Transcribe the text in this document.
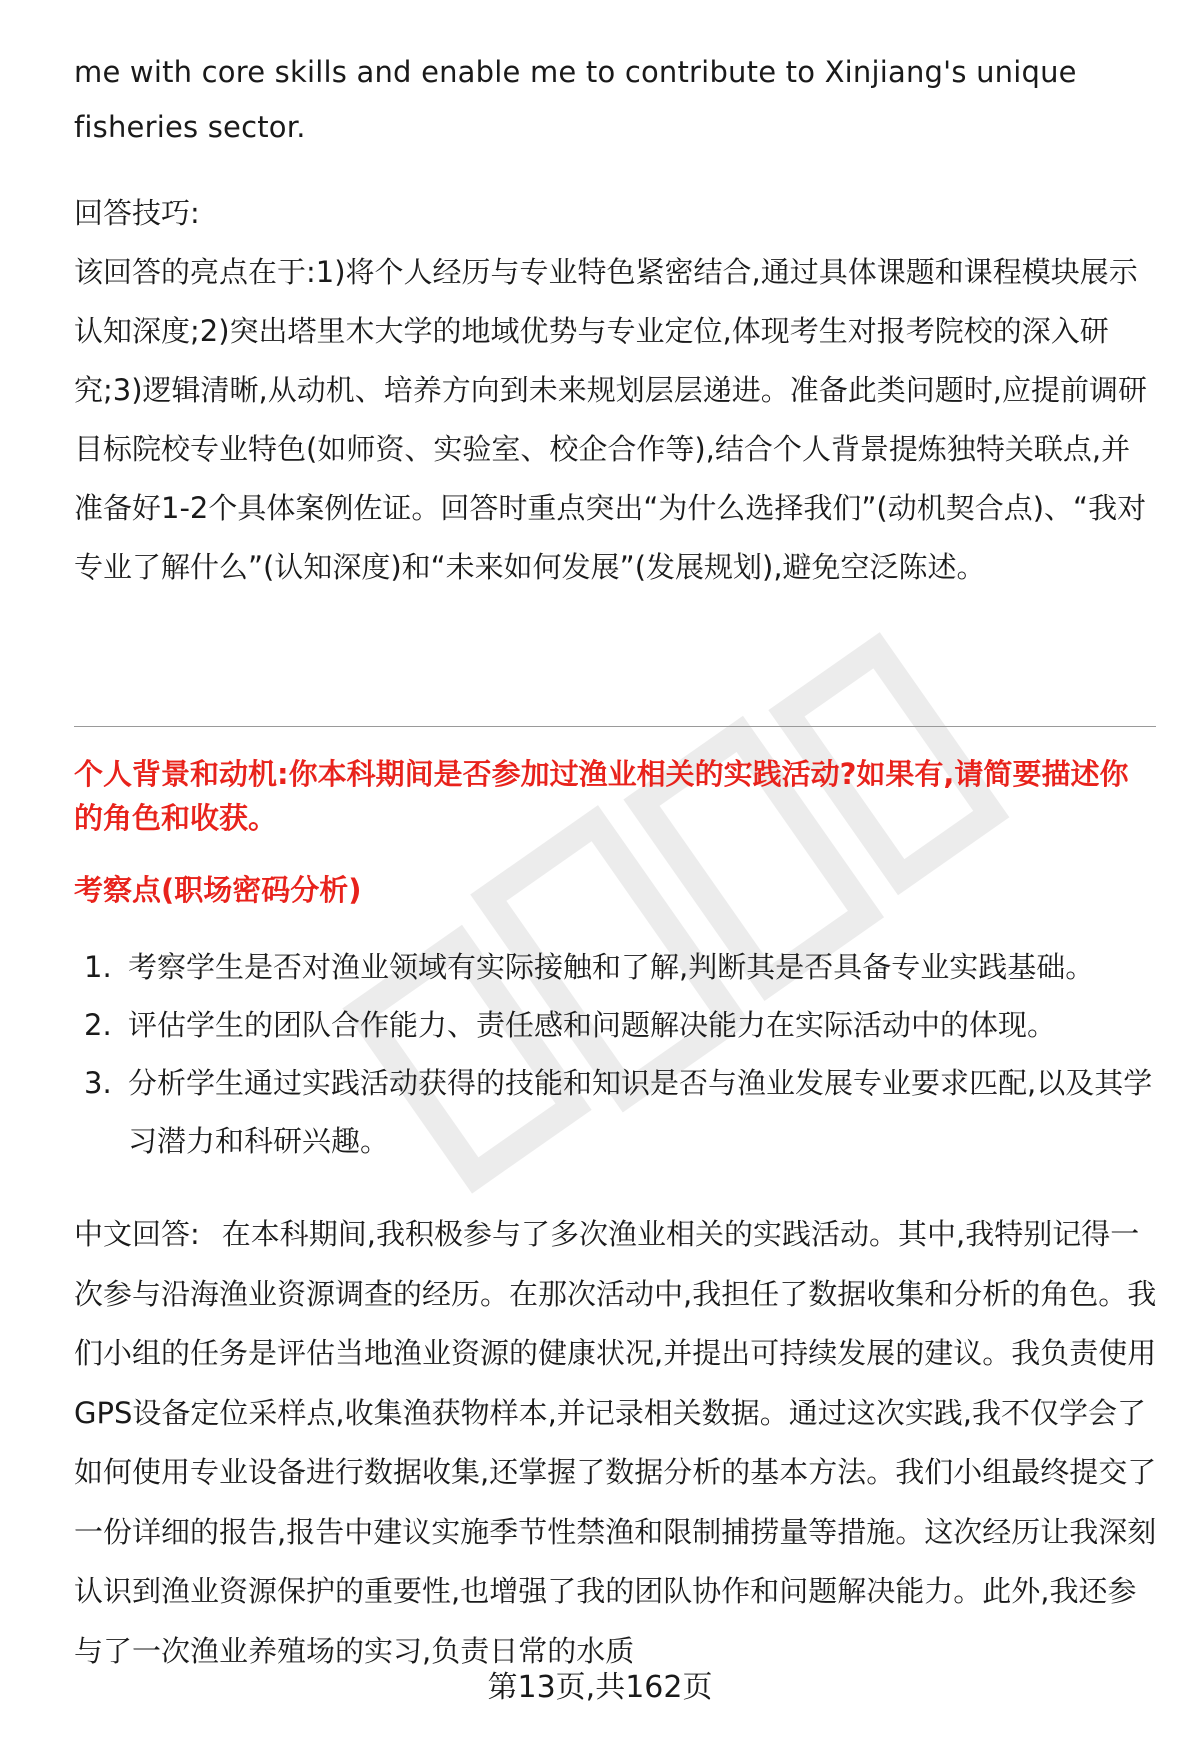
me with core skills and enable me to contribute to Xinjiang's unique

fisheries sector.

回答技巧:

该回答的亮点在于:1)将个人经历与专业特色紧密结合,通过具体课题和课程模块展示认知深度;2)突出塔里木大学的地域优势与专业定位,体现考生对报考院校的深入研究;3)逻辑清晰,从动机、培养方向到未来规划层层递进。准备此类问题时,应提前调研目标院校专业特色(如师资、实验室、校企合作等),结合个人背景提炼独特关联点,并准备好1-2个具体案例佐证。回答时重点突出“为什么选择我们”(动机契合点)、“我对专业了解什么”(认知深度)和“未来如何发展”(发展规划),避免空泛陈述。

个人背景和动机:你本科期间是否参加过渔业相关的实践活动?如果有,请简要描述你的角色和收获。

考察点(职场密码分析)

1. 考察学生是否对渔业领域有实际接触和了解,判断其是否具备专业实践基础。
2. 评估学生的团队合作能力、责任感和问题解决能力在实际活动中的体现。
3. 分析学生通过实践活动获得的技能和知识是否与渔业发展专业要求匹配,以及其学习潜力和科研兴趣。

中文回答: 在本科期间,我积极参与了多次渔业相关的实践活动。其中,我特别记得一次参与沿海渔业资源调查的经历。在那次活动中,我担任了数据收集和分析的角色。我们小组的任务是评估当地渔业资源的健康状况,并提出可持续发展的建议。我负责使用GPS设备定位采样点,收集渔获物样本,并记录相关数据。通过这次实践,我不仅学会了如何使用专业设备进行数据收集,还掌握了数据分析的基本方法。我们小组最终提交了一份详细的报告,报告中建议实施季节性禁渔和限制捕捞量等措施。这次经历让我深刻认识到渔业资源保护的重要性,也增强了我的团队协作和问题解决能力。此外,我还参与了一次渔业养殖场的实习,负责日常的水质

第13页,共162页
